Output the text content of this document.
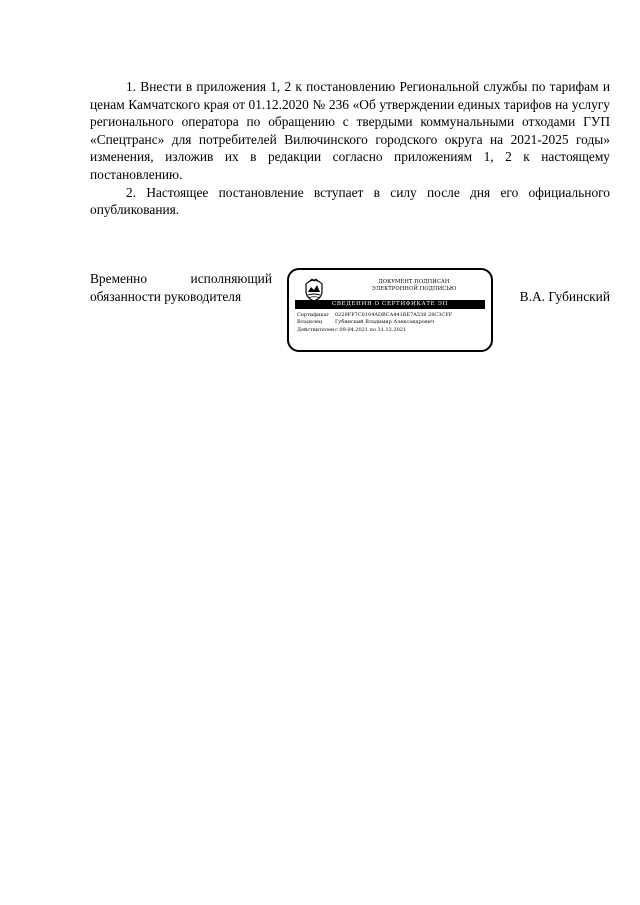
1. Внести в приложения 1, 2 к постановлению Региональной службы по тарифам и ценам Камчатского края от 01.12.2020 № 236 «Об утверждении единых тарифов на услугу регионального оператора по обращению с твердыми коммунальными отходами ГУП «Спецтранс» для потребителей Вилючинского городского округа на 2021-2025 годы» изменения, изложив их в редакции согласно приложениям 1, 2 к настоящему постановлению.

2. Настоящее постановление вступает в силу после дня его официального опубликования.

Временно	исполняющий
обязанности руководителя
ДОКУМЕНТ ПОДПИСАН
ЭЛЕКТРОННОЙ ПОДПИСЬЮ
СВЕДЕНИЯ О СЕРТИФИКАТЕ ЭП
Сертификат	0229FF7C0104ADBCA441BE7A538 28C3CFF
Владелец	Губинский Владимир Александрович
Действителен с 09.04.2021 по 31.12.2021
В.А. Губинский
